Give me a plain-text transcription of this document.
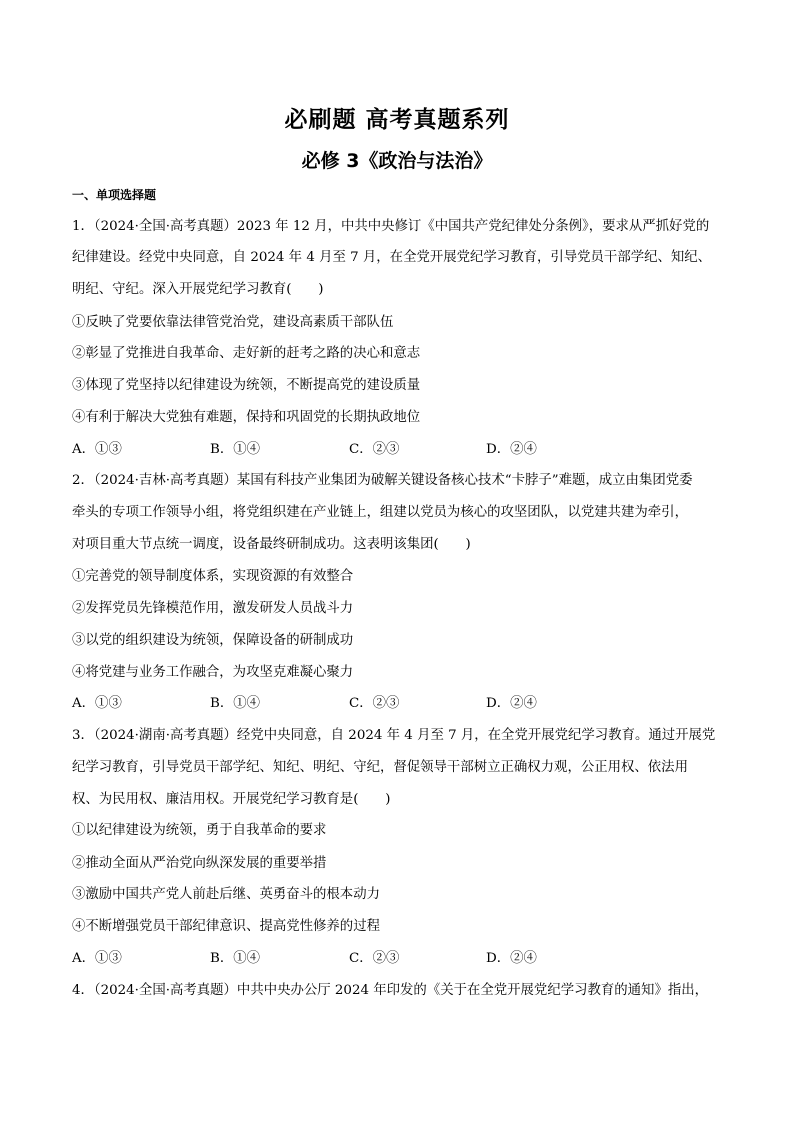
必刷题 高考真题系列
必修 3《政治与法治》
一、单项选择题
1．（2024·全国·高考真题）2023 年 12 月，中共中央修订《中国共产党纪律处分条例》，要求从严抓好党的
纪律建设。经党中央同意，自 2024 年 4 月至 7 月，在全党开展党纪学习教育，引导党员干部学纪、知纪、
明纪、守纪。深入开展党纪学习教育(　　)
①反映了党要依靠法律管党治党，建设高素质干部队伍
②彰显了党推进自我革命、走好新的赶考之路的决心和意志
③体现了党坚持以纪律建设为统领，不断提高党的建设质量
④有利于解决大党独有难题，保持和巩固党的长期执政地位
A．①③	B．①④	C．②③	D．②④
2．（2024·吉林·高考真题）某国有科技产业集团为破解关键设备核心技术“卡脖子”难题，成立由集团党委
牵头的专项工作领导小组，将党组织建在产业链上，组建以党员为核心的攻坚团队，以党建共建为牵引，
对项目重大节点统一调度，设备最终研制成功。这表明该集团(　　)
①完善党的领导制度体系，实现资源的有效整合
②发挥党员先锋模范作用，激发研发人员战斗力
③以党的组织建设为统领，保障设备的研制成功
④将党建与业务工作融合，为攻坚克难凝心聚力
A．①③	B．①④	C．②③	D．②④
3．（2024·湖南·高考真题）经党中央同意，自 2024 年 4 月至 7 月，在全党开展党纪学习教育。通过开展党
纪学习教育，引导党员干部学纪、知纪、明纪、守纪，督促领导干部树立正确权力观，公正用权、依法用
权、为民用权、廉洁用权。开展党纪学习教育是(　　)
①以纪律建设为统领，勇于自我革命的要求
②推动全面从严治党向纵深发展的重要举措
③激励中国共产党人前赴后继、英勇奋斗的根本动力
④不断增强党员干部纪律意识、提高党性修养的过程
A．①③	B．①④	C．②③	D．②④
4．（2024·全国·高考真题）中共中央办公厅 2024 年印发的《关于在全党开展党纪学习教育的通知》指出，
